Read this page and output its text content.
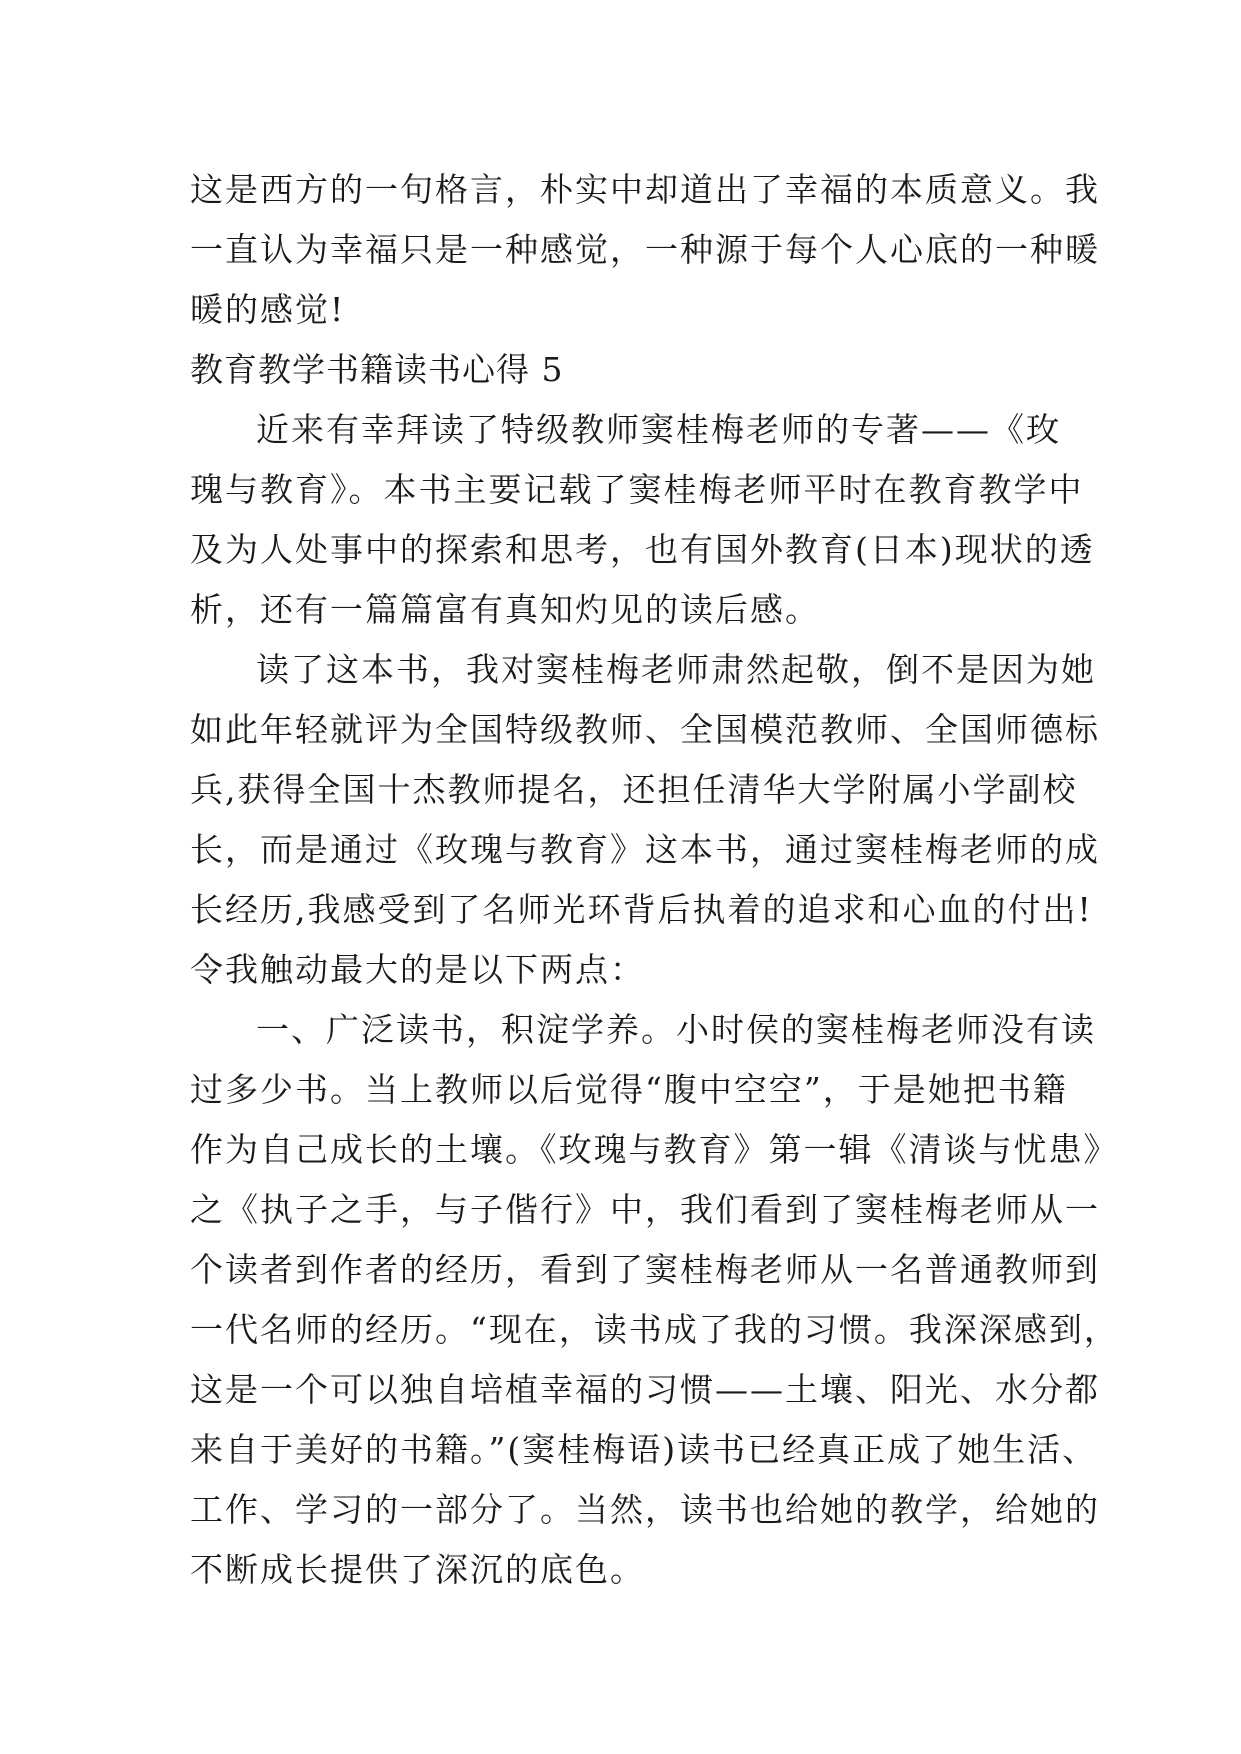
这是西方的一句格言，朴实中却道出了幸福的本质意义。我
一直认为幸福只是一种感觉，一种源于每个人心底的一种暖
暖的感觉!
教育教学书籍读书心得 5
近来有幸拜读了特级教师窦桂梅老师的专著——《玫
瑰与教育》。本书主要记载了窦桂梅老师平时在教育教学中
及为人处事中的探索和思考，也有国外教育(日本)现状的透
析，还有一篇篇富有真知灼见的读后感。
读了这本书，我对窦桂梅老师肃然起敬，倒不是因为她
如此年轻就评为全国特级教师、全国模范教师、全国师德标
兵,获得全国十杰教师提名，还担任清华大学附属小学副校
长，而是通过《玫瑰与教育》这本书，通过窦桂梅老师的成
长经历,我感受到了名师光环背后执着的追求和心血的付出!
令我触动最大的是以下两点：
一、广泛读书，积淀学养。小时侯的窦桂梅老师没有读
过多少书。当上教师以后觉得“腹中空空”，于是她把书籍
作为自己成长的土壤。《玫瑰与教育》第一辑《清谈与忧患》
之《执子之手，与子偕行》中，我们看到了窦桂梅老师从一
个读者到作者的经历，看到了窦桂梅老师从一名普通教师到
一代名师的经历。“现在，读书成了我的习惯。我深深感到，
这是一个可以独自培植幸福的习惯——土壤、阳光、水分都
来自于美好的书籍。”(窦桂梅语)读书已经真正成了她生活、
工作、学习的一部分了。当然，读书也给她的教学，给她的
不断成长提供了深沉的底色。
